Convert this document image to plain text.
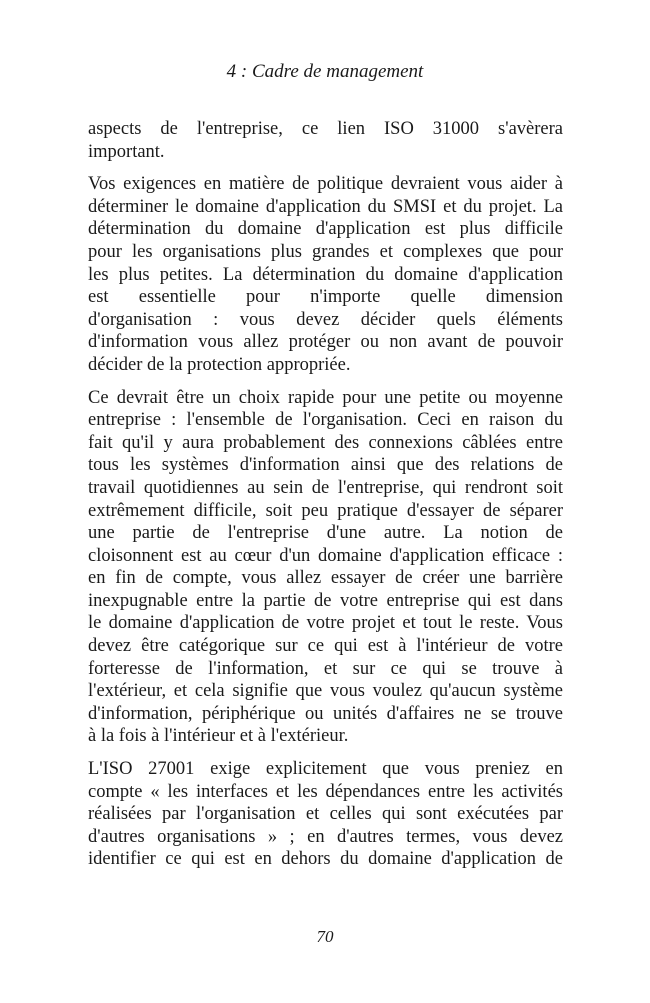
4 : Cadre de management

aspects de l'entreprise, ce lien ISO 31000 s'avèrera
important.

Vos exigences en matière de politique devraient vous aider à
déterminer le domaine d'application du SMSI et du projet. La
détermination du domaine d'application est plus difficile
pour les organisations plus grandes et complexes que pour
les plus petites. La détermination du domaine d'application
est essentielle pour n'importe quelle dimension
d'organisation : vous devez décider quels éléments
d'information vous allez protéger ou non avant de pouvoir
décider de la protection appropriée.

Ce devrait être un choix rapide pour une petite ou moyenne
entreprise : l'ensemble de l'organisation. Ceci en raison du
fait qu'il y aura probablement des connexions câblées entre
tous les systèmes d'information ainsi que des relations de
travail quotidiennes au sein de l'entreprise, qui rendront soit
extrêmement difficile, soit peu pratique d'essayer de séparer
une partie de l'entreprise d'une autre. La notion de
cloisonnent est au cœur d'un domaine d'application efficace :
en fin de compte, vous allez essayer de créer une barrière
inexpugnable entre la partie de votre entreprise qui est dans
le domaine d'application de votre projet et tout le reste. Vous
devez être catégorique sur ce qui est à l'intérieur de votre
forteresse de l'information, et sur ce qui se trouve à
l'extérieur, et cela signifie que vous voulez qu'aucun système
d'information, périphérique ou unités d'affaires ne se trouve
à la fois à l'intérieur et à l'extérieur.

L'ISO 27001 exige explicitement que vous preniez en
compte « les interfaces et les dépendances entre les activités
réalisées par l'organisation et celles qui sont exécutées par
d'autres organisations » ; en d'autres termes, vous devez
identifier ce qui est en dehors du domaine d'application de

70
